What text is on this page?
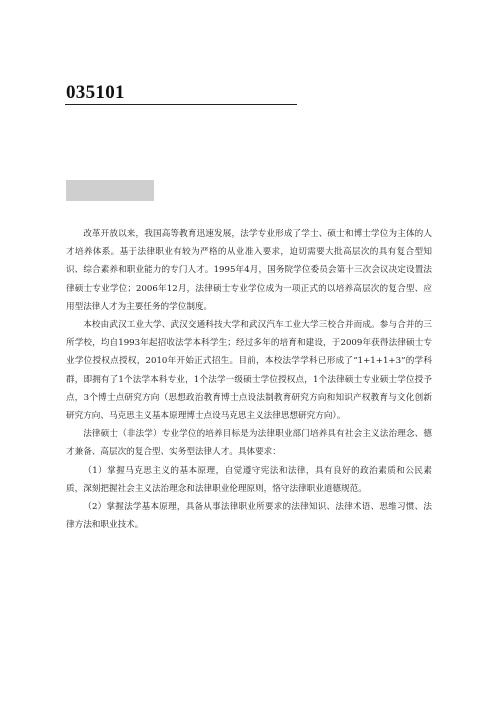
035101

改革开放以来，我国高等教育迅速发展，法学专业形成了学士、硕士和博士学位为主体的人才培养体系。基于法律职业有较为严格的从业准入要求，迫切需要大批高层次的具有复合型知识、综合素养和职业能力的专门人才。1995年4月，国务院学位委员会第十三次会议决定设置法律硕士专业学位；2006年12月，法律硕士专业学位成为一项正式的以培养高层次的复合型、应用型法律人才为主要任务的学位制度。

本校由武汉工业大学、武汉交通科技大学和武汉汽车工业大学三校合并而成。参与合并的三所学校，均自1993年起招收法学本科学生；经过多年的培育和建设，于2009年获得法律硕士专业学位授权点授权，2010年开始正式招生。目前，本校法学学科已形成了“1+1+1+3”的学科群，即拥有了1个法学本科专业，1个法学一级硕士学位授权点，1个法律硕士专业硕士学位授予点，3个博士点研究方向（思想政治教育博士点设法制教育研究方向和知识产权教育与文化创新研究方向、马克思主义基本原理博士点设马克思主义法律思想研究方向）。

法律硕士（非法学）专业学位的培养目标是为法律职业部门培养具有社会主义法治理念、德才兼备、高层次的复合型、实务型法律人才。具体要求：

（1）掌握马克思主义的基本原理，自觉遵守宪法和法律，具有良好的政治素质和公民素质，深刻把握社会主义法治理念和法律职业伦理原则，恪守法律职业道德规范。

（2）掌握法学基本原理，具备从事法律职业所要求的法律知识、法律术语、思维习惯、法律方法和职业技术。
